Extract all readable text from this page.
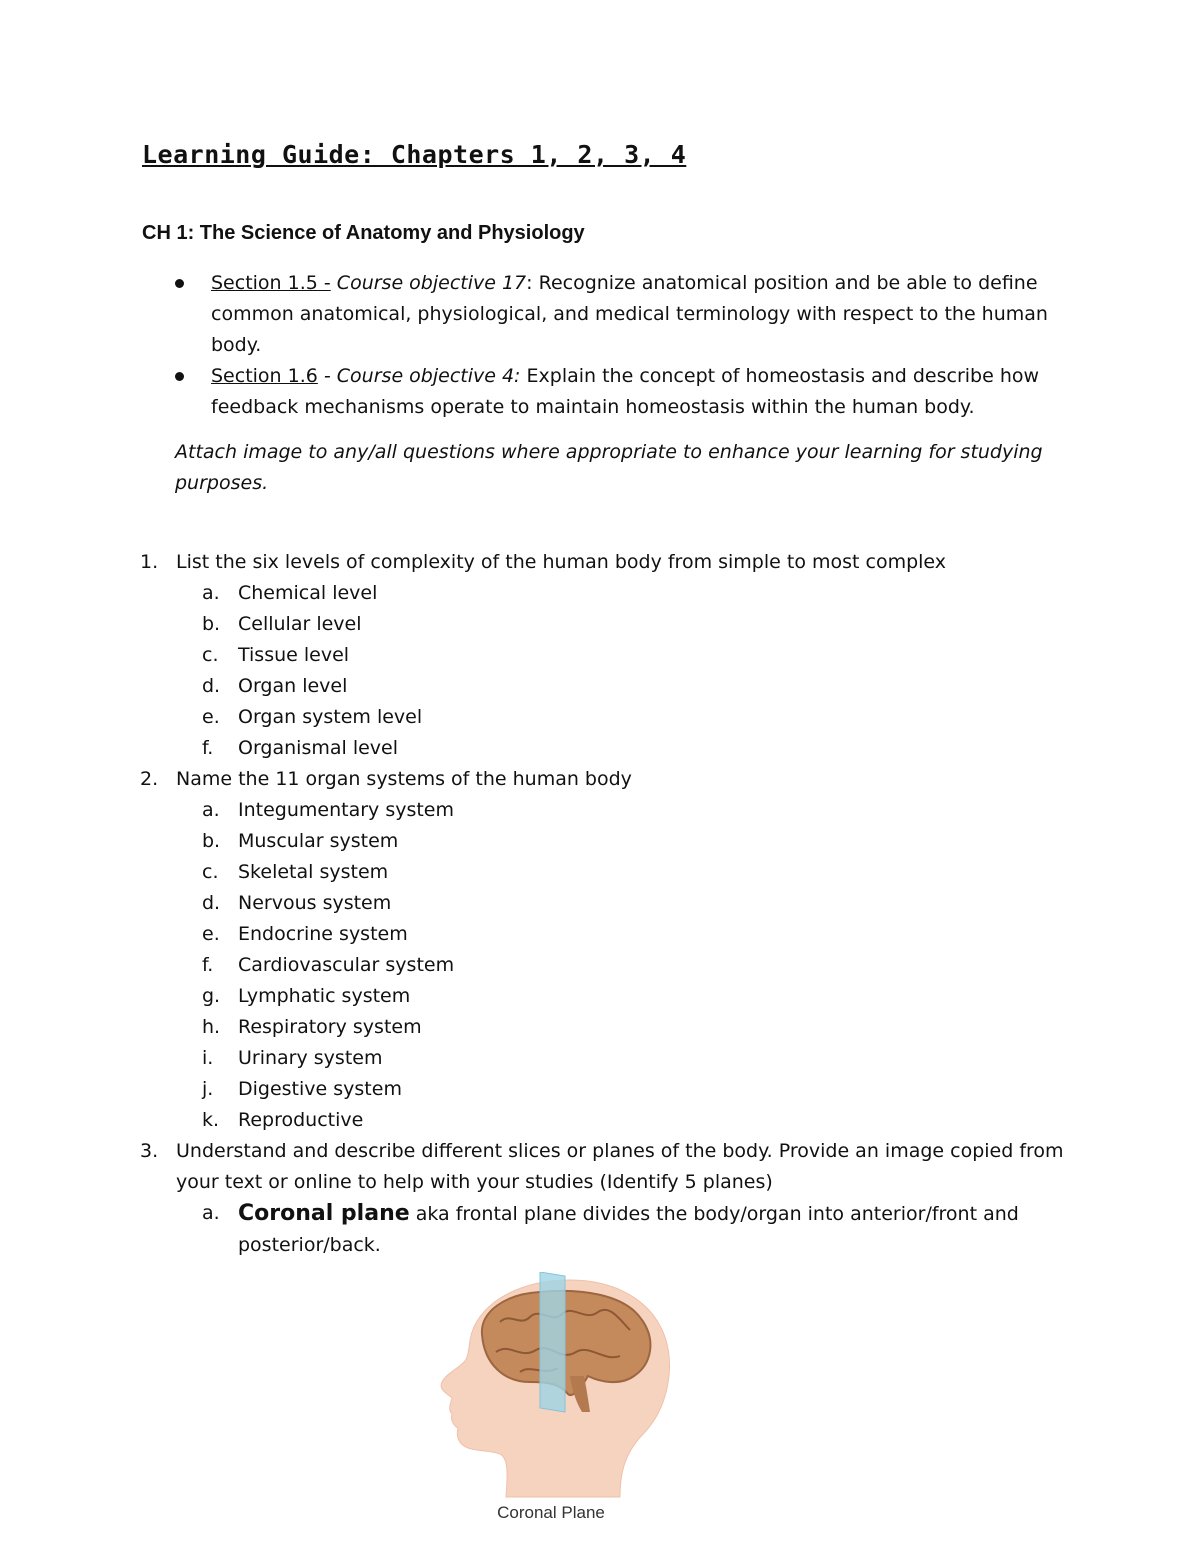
Learning Guide: Chapters 1, 2, 3, 4
CH 1: The Science of Anatomy and Physiology
Section 1.5 - Course objective 17: Recognize anatomical position and be able to define common anatomical, physiological, and medical terminology with respect to the human body.
Section 1.6 - Course objective 4: Explain the concept of homeostasis and describe how feedback mechanisms operate to maintain homeostasis within the human body.

Attach image to any/all questions where appropriate to enhance your learning for studying purposes.

1. List the six levels of complexity of the human body from simple to most complex
a. Chemical level
b. Cellular level
c. Tissue level
d. Organ level
e. Organ system level
f. Organismal level
2. Name the 11 organ systems of the human body
a. Integumentary system
b. Muscular system
c. Skeletal system
d. Nervous system
e. Endocrine system
f. Cardiovascular system
g. Lymphatic system
h. Respiratory system
i. Urinary system
j. Digestive system
k. Reproductive
3. Understand and describe different slices or planes of the body. Provide an image copied from your text or online to help with your studies (Identify 5 planes)
a. Coronal plane aka frontal plane divides the body/organ into anterior/front and posterior/back.
Coronal Plane
